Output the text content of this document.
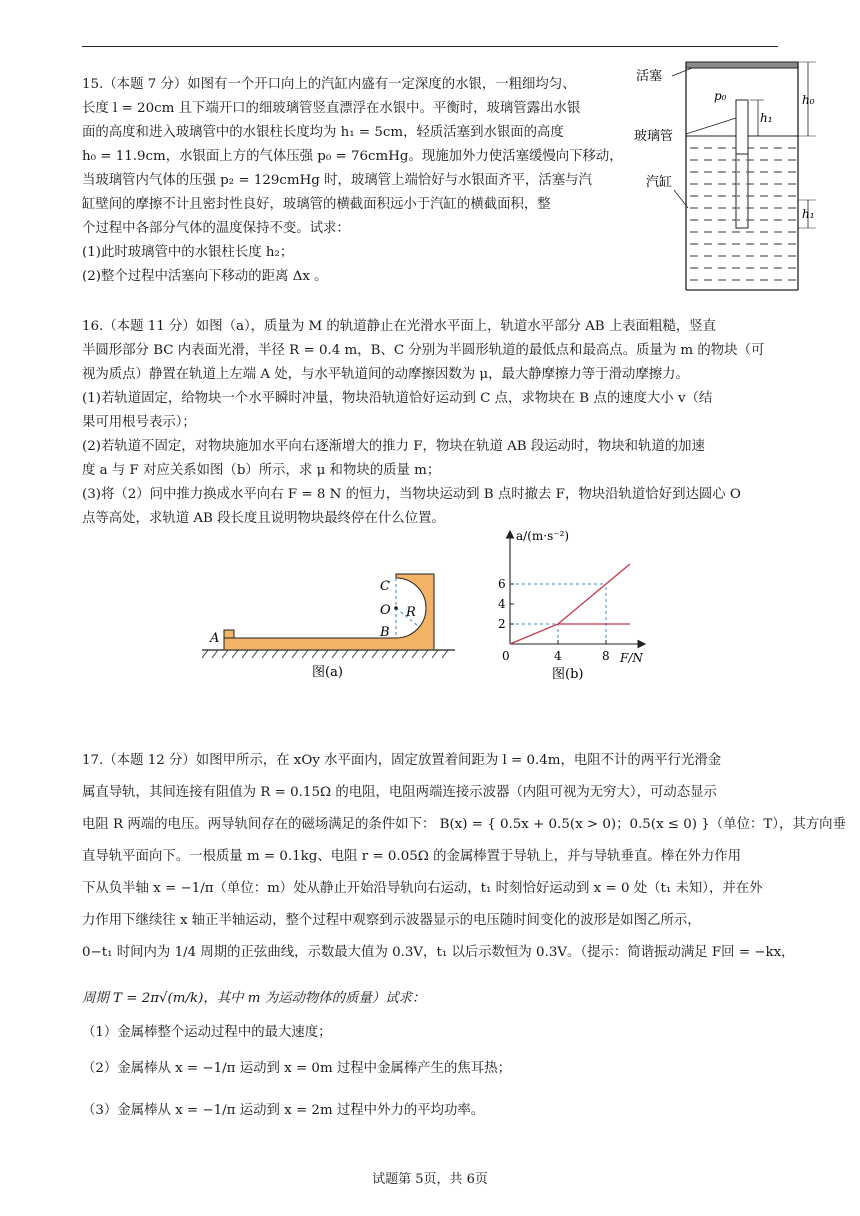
15.（本题 7 分）如图有一个开口向上的汽缸内盛有一定深度的水银，一粗细均匀、
长度 l = 20cm 且下端开口的细玻璃管竖直漂浮在水银中。平衡时，玻璃管露出水银
面的高度和进入玻璃管中的水银柱长度均为 h₁ = 5cm，轻质活塞到水银面的高度
h₀ = 11.9cm，水银面上方的气体压强 p₀ = 76cmHg。现施加外力使活塞缓慢向下移动，
当玻璃管内气体的压强 p₂ = 129cmHg 时，玻璃管上端恰好与水银面齐平，活塞与汽
缸壁间的摩擦不计且密封性良好，玻璃管的横截面积远小于汽缸的横截面积，整
个过程中各部分气体的温度保持不变。试求：
(1)此时玻璃管中的水银柱长度 h₂；
(2)整个过程中活塞向下移动的距离 Δx 。
活塞
玻璃管
汽缸
p₀
h₁
h₀
h₁
16.（本题 11 分）如图（a），质量为 M 的轨道静止在光滑水平面上，轨道水平部分 AB 上表面粗糙，竖直
半圆形部分 BC 内表面光滑，半径 R = 0.4 m，B、C 分别为半圆形轨道的最低点和最高点。质量为 m 的物块（可
视为质点）静置在轨道上左端 A 处，与水平轨道间的动摩擦因数为 μ，最大静摩擦力等于滑动摩擦力。
(1)若轨道固定，给物块一个水平瞬时冲量，物块沿轨道恰好运动到 C 点，求物块在 B 点的速度大小 v（结
果可用根号表示）；
(2)若轨道不固定，对物块施加水平向右逐渐增大的推力 F，物块在轨道 AB 段运动时，物块和轨道的加速
度 a 与 F 对应关系如图（b）所示，求 μ 和物块的质量 m；
(3)将（2）问中推力换成水平向右 F = 8 N 的恒力，当物块运动到 B 点时撤去 F，物块沿轨道恰好到达圆心 O
点等高处，求轨道 AB 段长度且说明物块最终停在什么位置。
A
C
O R
B
图(a)
2
4
6
0	4	8
a/(m·s⁻²)
F/N
图(b)
17.（本题 12 分）如图甲所示，在 xOy 水平面内，固定放置着间距为 l = 0.4m，电阻不计的两平行光滑金
属直导轨，其间连接有阻值为 R = 0.15Ω 的电阻，电阻两端连接示波器（内阻可视为无穷大），可动态显示
电阻 R 两端的电压。两导轨间存在的磁场满足的条件如下： B(x) = { 0.5x + 0.5(x > 0)；0.5(x ≤ 0) }（单位：T），其方向垂
直导轨平面向下。一根质量 m = 0.1kg、电阻 r = 0.05Ω 的金属棒置于导轨上，并与导轨垂直。棒在外力作用
下从负半轴 x = −1/π（单位：m）处从静止开始沿导轨向右运动，t₁ 时刻恰好运动到 x = 0 处（t₁ 未知），并在外
力作用下继续往 x 轴正半轴运动，整个过程中观察到示波器显示的电压随时间变化的波形是如图乙所示，
0−t₁ 时间内为 1/4 周期的正弦曲线，示数最大值为 0.3V，t₁ 以后示数恒为 0.3V。（提示：简谐振动满足 F回 = −kx，
周期 T = 2π√(m/k)，其中 m 为运动物体的质量）试求：
（1）金属棒整个运动过程中的最大速度；
（2）金属棒从 x = −1/π 运动到 x = 0m 过程中金属棒产生的焦耳热；
（3）金属棒从 x = −1/π 运动到 x = 2m 过程中外力的平均功率。
试题第 5页，共 6页
